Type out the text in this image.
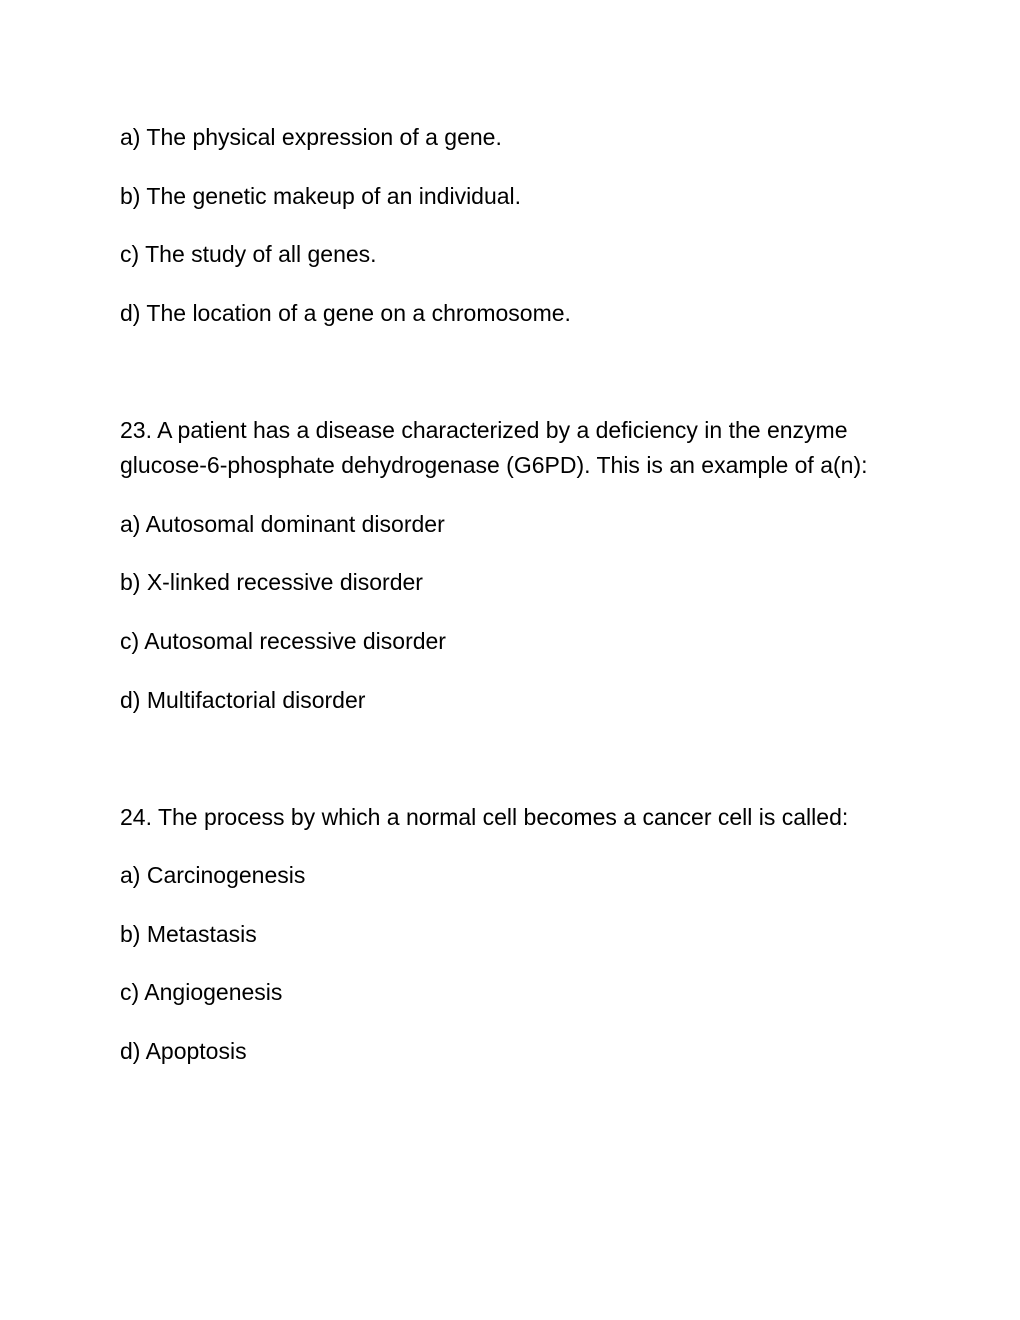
a) The physical expression of a gene.

b) The genetic makeup of an individual.

c) The study of all genes.

d) The location of a gene on a chromosome.

23. A patient has a disease characterized by a deficiency in the enzyme

glucose-6-phosphate dehydrogenase (G6PD). This is an example of a(n):

a) Autosomal dominant disorder

b) X-linked recessive disorder

c) Autosomal recessive disorder

d) Multifactorial disorder

24. The process by which a normal cell becomes a cancer cell is called:

a) Carcinogenesis

b) Metastasis

c) Angiogenesis

d) Apoptosis
